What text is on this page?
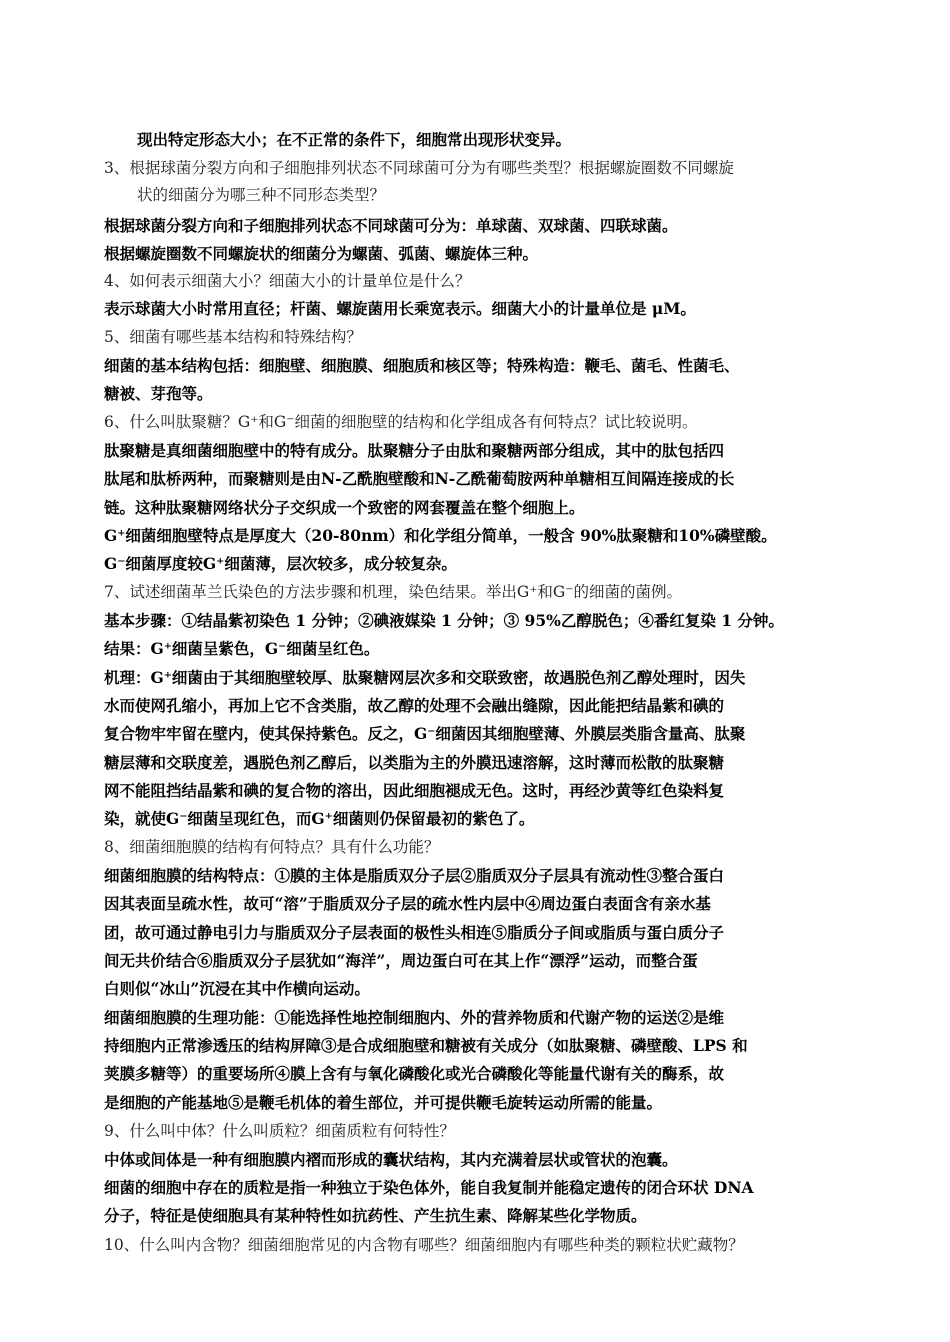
现出特定形态大小；在不正常的条件下，细胞常出现形状变异。
3、根据球菌分裂方向和子细胞排列状态不同球菌可分为有哪些类型？根据螺旋圈数不同螺旋
状的细菌分为哪三种不同形态类型？
根据球菌分裂方向和子细胞排列状态不同球菌可分为：单球菌、双球菌、四联球菌。
根据螺旋圈数不同螺旋状的细菌分为螺菌、弧菌、螺旋体三种。
4、如何表示细菌大小？细菌大小的计量单位是什么？
表示球菌大小时常用直径；杆菌、螺旋菌用长乘宽表示。细菌大小的计量单位是 μM。
5、细菌有哪些基本结构和特殊结构？
细菌的基本结构包括：细胞壁、细胞膜、细胞质和核区等；特殊构造：鞭毛、菌毛、性菌毛、
糖被、芽孢等。
6、什么叫肽聚糖？G⁺和G⁻细菌的细胞壁的结构和化学组成各有何特点？试比较说明。
肽聚糖是真细菌细胞壁中的特有成分。肽聚糖分子由肽和聚糖两部分组成，其中的肽包括四
肽尾和肽桥两种，而聚糖则是由N-乙酰胞壁酸和N-乙酰葡萄胺两种单糖相互间隔连接成的长
链。这种肽聚糖网络状分子交织成一个致密的网套覆盖在整个细胞上。
G⁺细菌细胞壁特点是厚度大（20-80nm）和化学组分简单，一般含 90%肽聚糖和10%磷壁酸。
G⁻细菌厚度较G⁺细菌薄，层次较多，成分较复杂。
7、试述细菌革兰氏染色的方法步骤和机理，染色结果。举出G⁺和G⁻的细菌的菌例。
基本步骤：①结晶紫初染色 1 分钟；②碘液媒染 1 分钟；③ 95%乙醇脱色；④番红复染 1 分钟。
结果：G⁺细菌呈紫色，G⁻细菌呈红色。
机理：G⁺细菌由于其细胞壁较厚、肽聚糖网层次多和交联致密，故遇脱色剂乙醇处理时，因失
水而使网孔缩小，再加上它不含类脂，故乙醇的处理不会融出缝隙，因此能把结晶紫和碘的
复合物牢牢留在壁内，使其保持紫色。反之，G⁻细菌因其细胞壁薄、外膜层类脂含量高、肽聚
糖层薄和交联度差，遇脱色剂乙醇后，以类脂为主的外膜迅速溶解，这时薄而松散的肽聚糖
网不能阻挡结晶紫和碘的复合物的溶出，因此细胞褪成无色。这时，再经沙黄等红色染料复
染，就使G⁻细菌呈现红色，而G⁺细菌则仍保留最初的紫色了。
8、细菌细胞膜的结构有何特点？具有什么功能？
细菌细胞膜的结构特点：①膜的主体是脂质双分子层②脂质双分子层具有流动性③整合蛋白
因其表面呈疏水性，故可“溶”于脂质双分子层的疏水性内层中④周边蛋白表面含有亲水基
团，故可通过静电引力与脂质双分子层表面的极性头相连⑤脂质分子间或脂质与蛋白质分子
间无共价结合⑥脂质双分子层犹如“海洋”，周边蛋白可在其上作“漂浮”运动，而整合蛋
白则似“冰山”沉浸在其中作横向运动。
细菌细胞膜的生理功能：①能选择性地控制细胞内、外的营养物质和代谢产物的运送②是维
持细胞内正常渗透压的结构屏障③是合成细胞壁和糖被有关成分（如肽聚糖、磷壁酸、LPS 和
荚膜多糖等）的重要场所④膜上含有与氧化磷酸化或光合磷酸化等能量代谢有关的酶系，故
是细胞的产能基地⑤是鞭毛机体的着生部位，并可提供鞭毛旋转运动所需的能量。
9、什么叫中体？什么叫质粒？细菌质粒有何特性？
中体或间体是一种有细胞膜内褶而形成的囊状结构，其内充满着层状或管状的泡囊。
细菌的细胞中存在的质粒是指一种独立于染色体外，能自我复制并能稳定遗传的闭合环状 DNA
分子，特征是使细胞具有某种特性如抗药性、产生抗生素、降解某些化学物质。
10、什么叫内含物？细菌细胞常见的内含物有哪些？细菌细胞内有哪些种类的颗粒状贮藏物？
